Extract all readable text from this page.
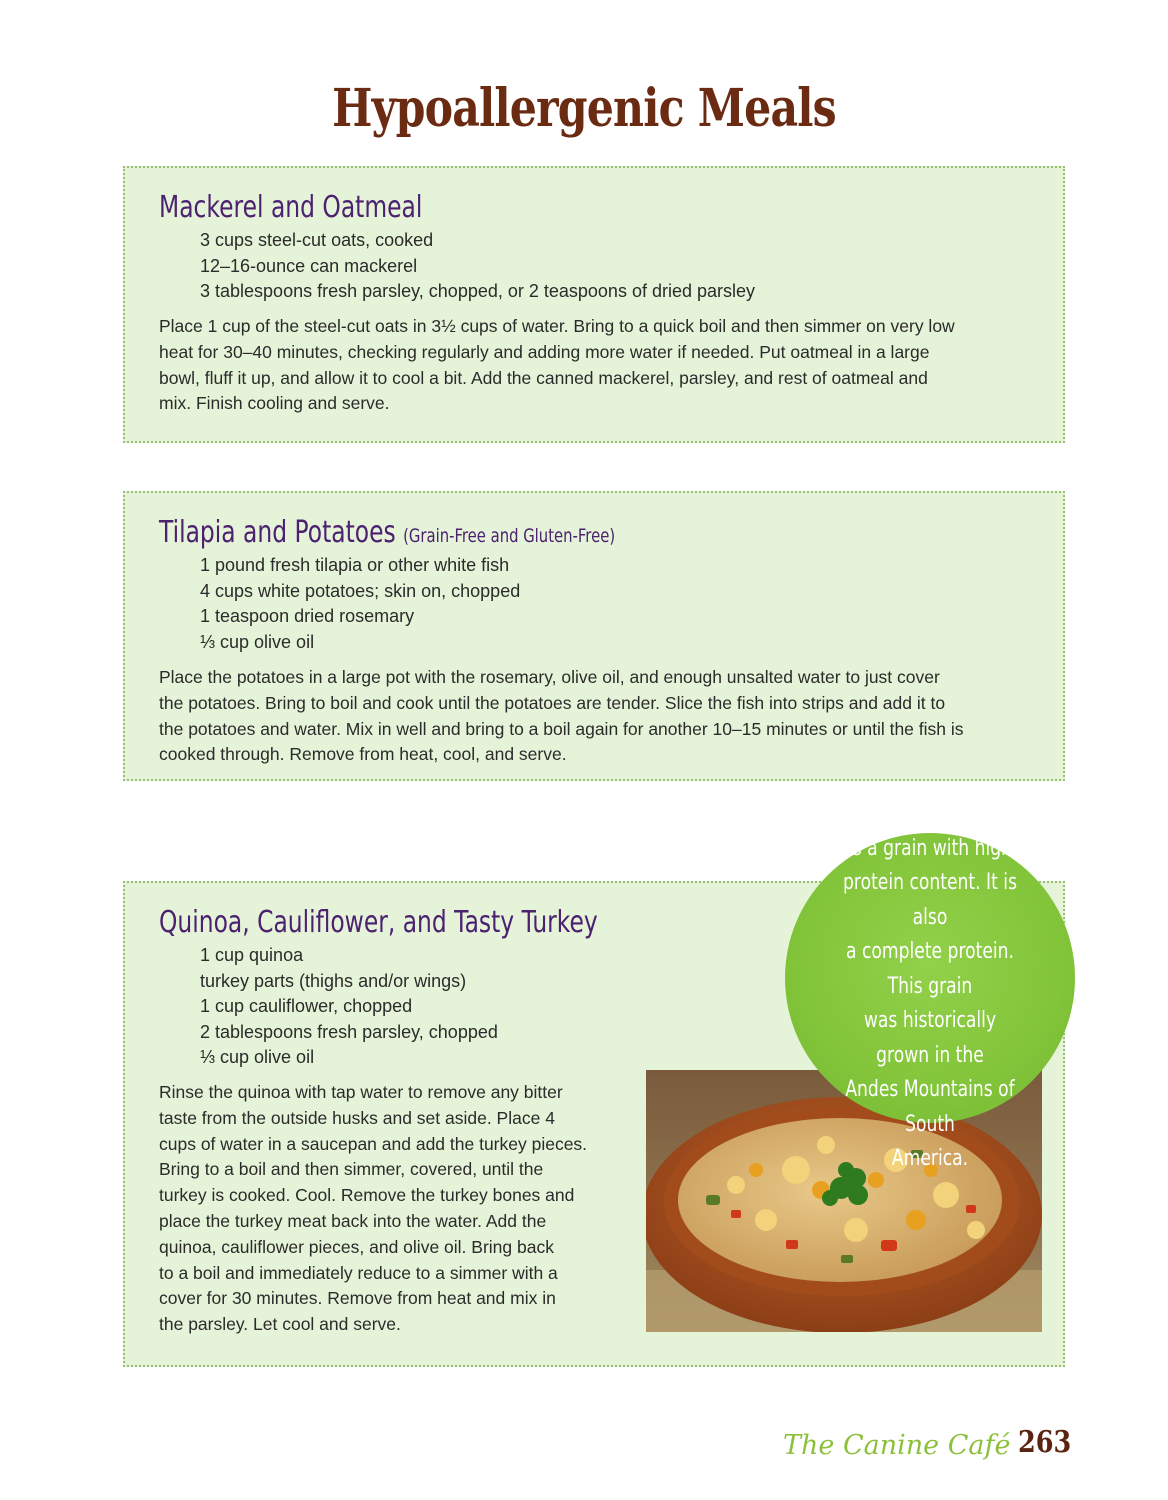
Hypoallergenic Meals
Mackerel and Oatmeal
3 cups steel-cut oats, cooked
12–16-ounce can mackerel
3 tablespoons fresh parsley, chopped, or 2 teaspoons of dried parsley
Place 1 cup of the steel-cut oats in 3½ cups of water. Bring to a quick boil and then simmer on very low
heat for 30–40 minutes, checking regularly and adding more water if needed. Put oatmeal in a large
bowl, fluff it up, and allow it to cool a bit. Add the canned mackerel, parsley, and rest of oatmeal and
mix. Finish cooling and serve.
Tilapia and Potatoes (Grain-Free and Gluten-Free)
1 pound fresh tilapia or other white fish
4 cups white potatoes; skin on, chopped
1 teaspoon dried rosemary
⅓ cup olive oil
Place the potatoes in a large pot with the rosemary, olive oil, and enough unsalted water to just cover
the potatoes. Bring to boil and cook until the potatoes are tender. Slice the fish into strips and add it to
the potatoes and water. Mix in well and bring to a boil again for another 10–15 minutes or until the fish is
cooked through. Remove from heat, cool, and serve.
Quinoa, Cauliflower, and Tasty Turkey
1 cup quinoa
turkey parts (thighs and/or wings)
1 cup cauliflower, chopped
2 tablespoons fresh parsley, chopped
⅓ cup olive oil
Rinse the quinoa with tap water to remove any bitter
taste from the outside husks and set aside. Place 4
cups of water in a saucepan and add the turkey pieces.
Bring to a boil and then simmer, covered, until the
turkey is cooked. Cool. Remove the turkey bones and
place the turkey meat back into the water. Add the
quinoa, cauliflower pieces, and olive oil. Bring back
to a boil and immediately reduce to a simmer with a
cover for 30 minutes. Remove from heat and mix in
the parsley. Let cool and serve.
Quinoa
is a grain with high
protein content. It is also
a complete protein. This grain
was historically grown in the
Andes Mountains of South
America.
The Canine Café 263
